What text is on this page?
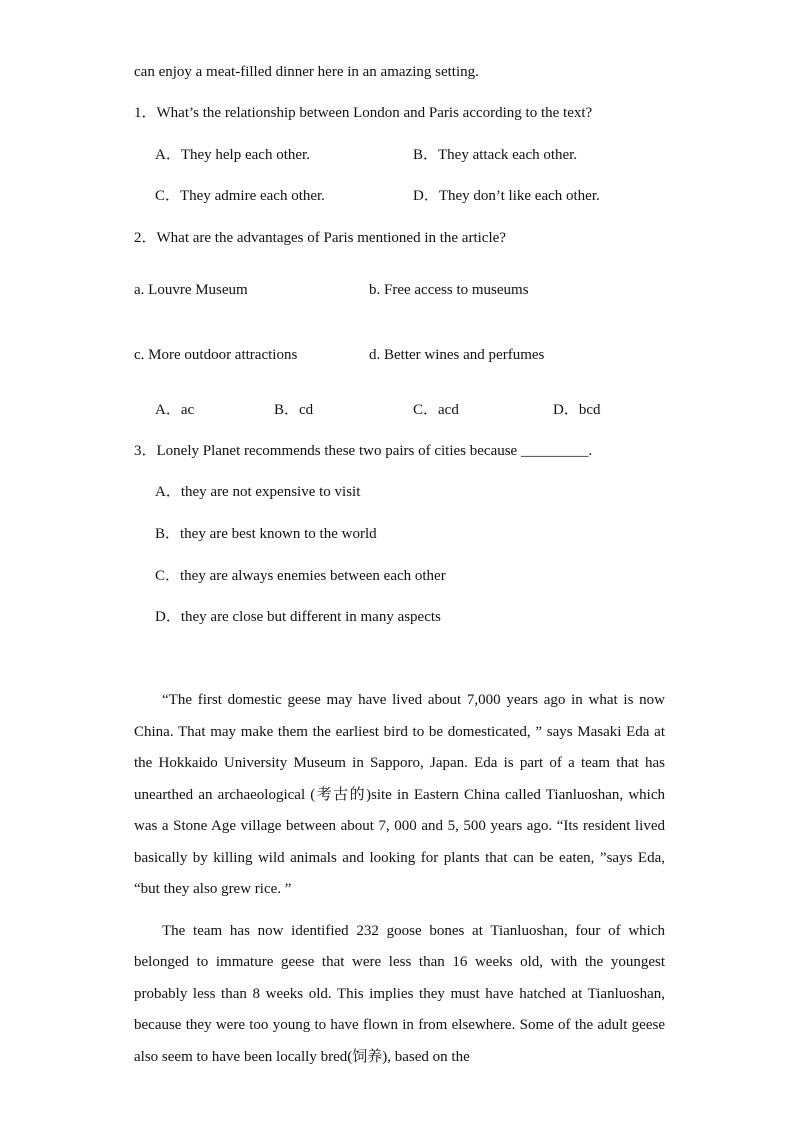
can enjoy a meat-filled dinner here in an amazing setting.
1．What’s the relationship between London and Paris according to the text?
A．They help each other.	B．They attack each other.
C．They admire each other.	D．They don’t like each other.
2．What are the advantages of Paris mentioned in the article?
a. Louvre Museum	b. Free access to museums
c. More outdoor attractions	d. Better wines and perfumes
A．ac	B．cd	C．acd	D．bcd
3．Lonely Planet recommends these two pairs of cities because _________.
A．they are not expensive to visit
B．they are best known to the world
C．they are always enemies between each other
D．they are close but different in many aspects

“The first domestic geese may have lived about 7,000 years ago in what is now China. That may make them the earliest bird to be domesticated, ” says Masaki Eda at the Hokkaido University Museum in Sapporo, Japan. Eda is part of a team that has unearthed an archaeological (考古的)site in Eastern China called Tianluoshan, which was a Stone Age village between about 7, 000 and 5, 500 years ago. “Its resident lived basically by killing wild animals and looking for plants that can be eaten, ”says Eda, “but they also grew rice. ”

The team has now identified 232 goose bones at Tianluoshan, four of which belonged to immature geese that were less than 16 weeks old, with the youngest probably less than 8 weeks old. This implies they must have hatched at Tianluoshan, because they were too young to have flown in from elsewhere. Some of the adult geese also seem to have been locally bred(饲养), based on the
